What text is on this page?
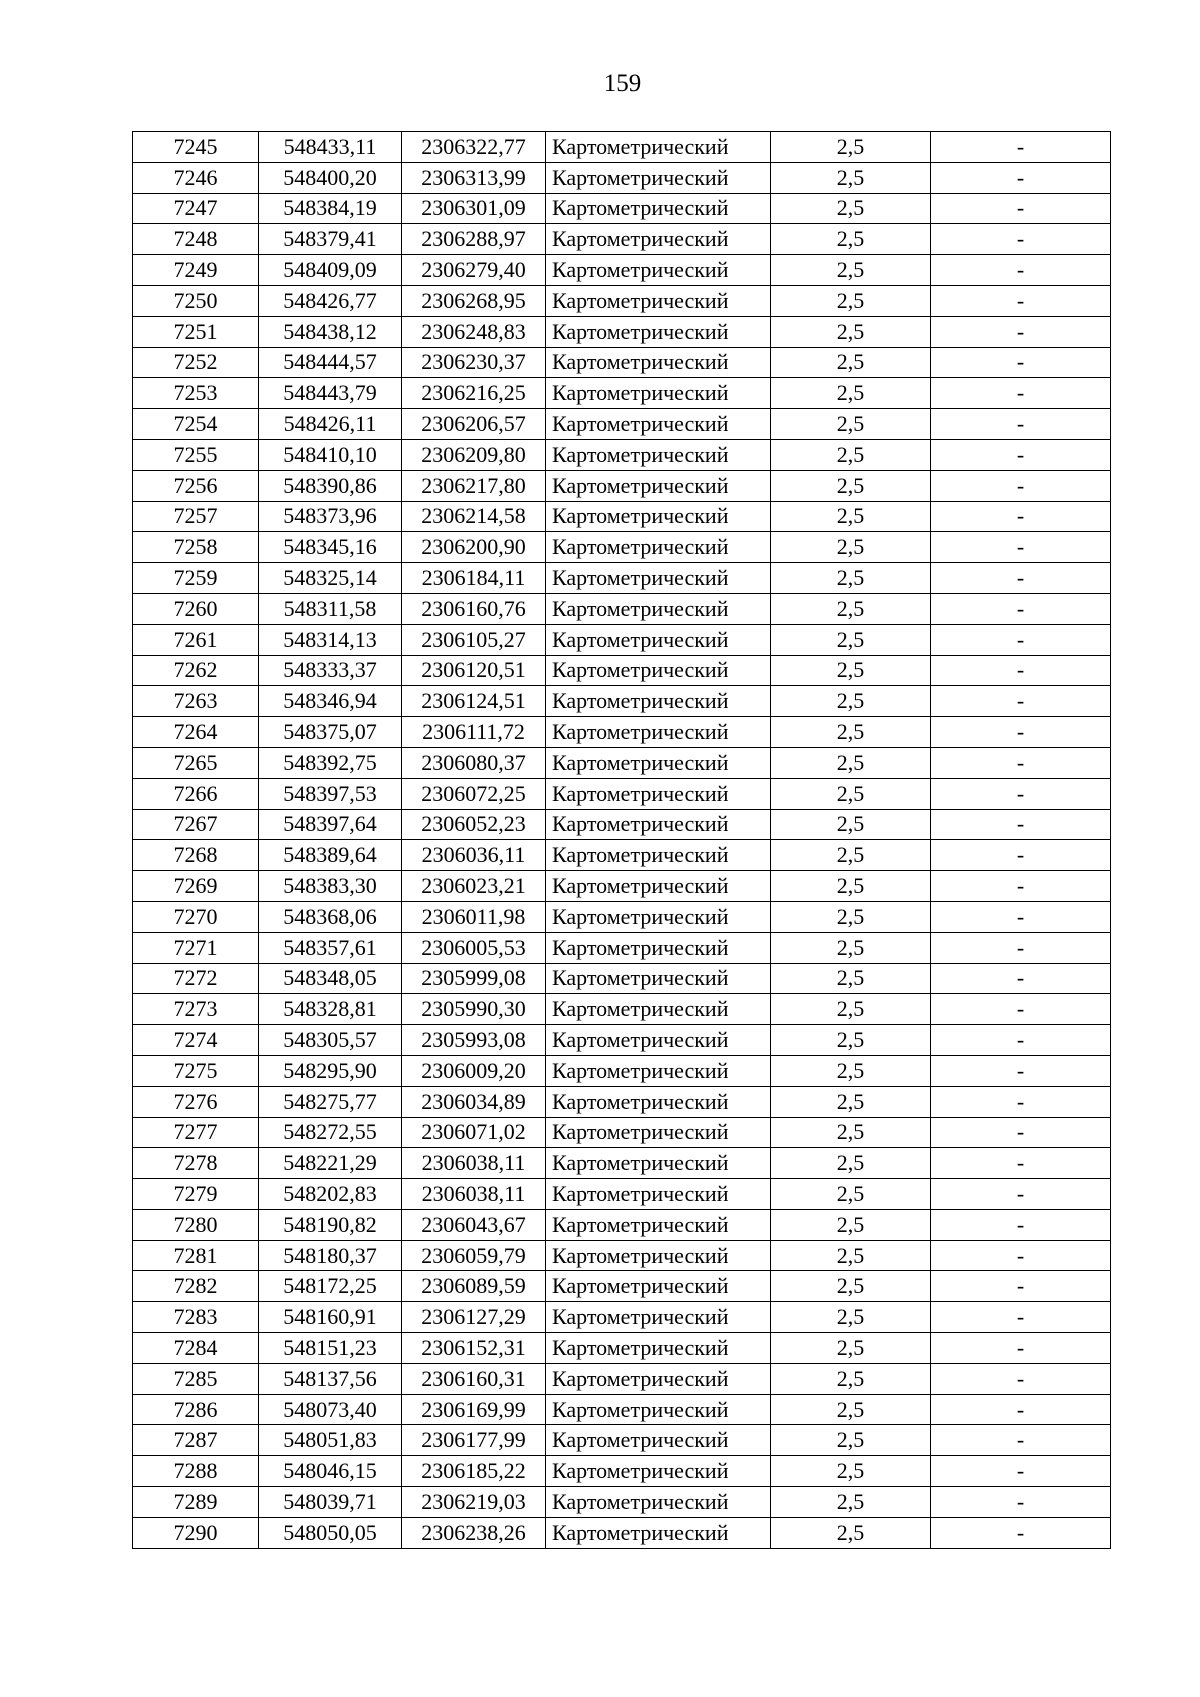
159
7245	548433,11	2306322,77	Картометрический	2,5	-
7246	548400,20	2306313,99	Картометрический	2,5	-
7247	548384,19	2306301,09	Картометрический	2,5	-
7248	548379,41	2306288,97	Картометрический	2,5	-
7249	548409,09	2306279,40	Картометрический	2,5	-
7250	548426,77	2306268,95	Картометрический	2,5	-
7251	548438,12	2306248,83	Картометрический	2,5	-
7252	548444,57	2306230,37	Картометрический	2,5	-
7253	548443,79	2306216,25	Картометрический	2,5	-
7254	548426,11	2306206,57	Картометрический	2,5	-
7255	548410,10	2306209,80	Картометрический	2,5	-
7256	548390,86	2306217,80	Картометрический	2,5	-
7257	548373,96	2306214,58	Картометрический	2,5	-
7258	548345,16	2306200,90	Картометрический	2,5	-
7259	548325,14	2306184,11	Картометрический	2,5	-
7260	548311,58	2306160,76	Картометрический	2,5	-
7261	548314,13	2306105,27	Картометрический	2,5	-
7262	548333,37	2306120,51	Картометрический	2,5	-
7263	548346,94	2306124,51	Картометрический	2,5	-
7264	548375,07	2306111,72	Картометрический	2,5	-
7265	548392,75	2306080,37	Картометрический	2,5	-
7266	548397,53	2306072,25	Картометрический	2,5	-
7267	548397,64	2306052,23	Картометрический	2,5	-
7268	548389,64	2306036,11	Картометрический	2,5	-
7269	548383,30	2306023,21	Картометрический	2,5	-
7270	548368,06	2306011,98	Картометрический	2,5	-
7271	548357,61	2306005,53	Картометрический	2,5	-
7272	548348,05	2305999,08	Картометрический	2,5	-
7273	548328,81	2305990,30	Картометрический	2,5	-
7274	548305,57	2305993,08	Картометрический	2,5	-
7275	548295,90	2306009,20	Картометрический	2,5	-
7276	548275,77	2306034,89	Картометрический	2,5	-
7277	548272,55	2306071,02	Картометрический	2,5	-
7278	548221,29	2306038,11	Картометрический	2,5	-
7279	548202,83	2306038,11	Картометрический	2,5	-
7280	548190,82	2306043,67	Картометрический	2,5	-
7281	548180,37	2306059,79	Картометрический	2,5	-
7282	548172,25	2306089,59	Картометрический	2,5	-
7283	548160,91	2306127,29	Картометрический	2,5	-
7284	548151,23	2306152,31	Картометрический	2,5	-
7285	548137,56	2306160,31	Картометрический	2,5	-
7286	548073,40	2306169,99	Картометрический	2,5	-
7287	548051,83	2306177,99	Картометрический	2,5	-
7288	548046,15	2306185,22	Картометрический	2,5	-
7289	548039,71	2306219,03	Картометрический	2,5	-
7290	548050,05	2306238,26	Картометрический	2,5	-
